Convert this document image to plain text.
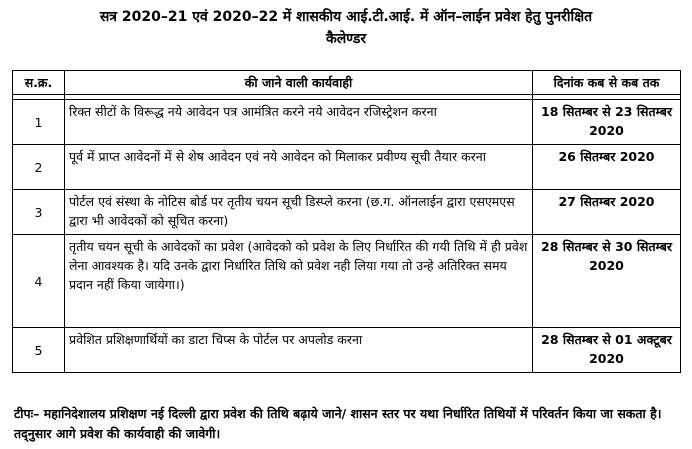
सत्र 2020–21 एवं 2020–22 में शासकीय आई.टी.आई. में ऑन–लाईन प्रवेश हेतु पुनरीक्षित
कैलेण्डर
स.क्र.	की जाने वाली कार्यवाही	दिनांक कब से कब तक

1	रिक्त सीटों के विरूद्ध नये आवेदन पत्र आमंत्रित करने नये आवेदन रजिस्ट्रेशन करना	18 सितम्बर से 23 सितम्बर 2020
2	पूर्व में प्राप्त आवेदनों में से शेष आवेदन एवं नये आवेदन को मिलाकर प्रवीण्य सूची तैयार करना	26 सितम्बर 2020
3	पोर्टल एवं संस्था के नोटिस बोर्ड पर तृतीय चयन सूची डिस्प्ले करना (छ.ग. ऑनलाईन द्वारा एसएमएस द्वारा भी आवेदकों को सूचित करना)	27 सितम्बर 2020
4	तृतीय चयन सूची के आवेदकों का प्रवेश (आवेदको को प्रवेश के लिए निर्धारित की गयी तिथि में ही प्रवेश लेना आवश्यक है। यदि उनके द्वारा निर्धारित तिथि को प्रवेश नही लिया गया तो उन्हे अतिरिक्त समय प्रदान नहीं किया जायेगा।)	28 सितम्बर से 30 सितम्बर 2020
5	प्रवेशित प्रशिक्षणार्थियों का डाटा चिप्स के पोर्टल पर अपलोड करना	28 सितम्बर से 01 अक्टूबर 2020
टीपः– महानिदेशालय प्रशिक्षण नई दिल्ली द्वारा प्रवेश की तिथि बढ़ाये जाने/ शासन स्तर पर यथा निर्धारित तिथियों में परिवर्तन किया जा सकता है। तद्नुसार आगे प्रवेश की कार्यवाही की जावेगी।
